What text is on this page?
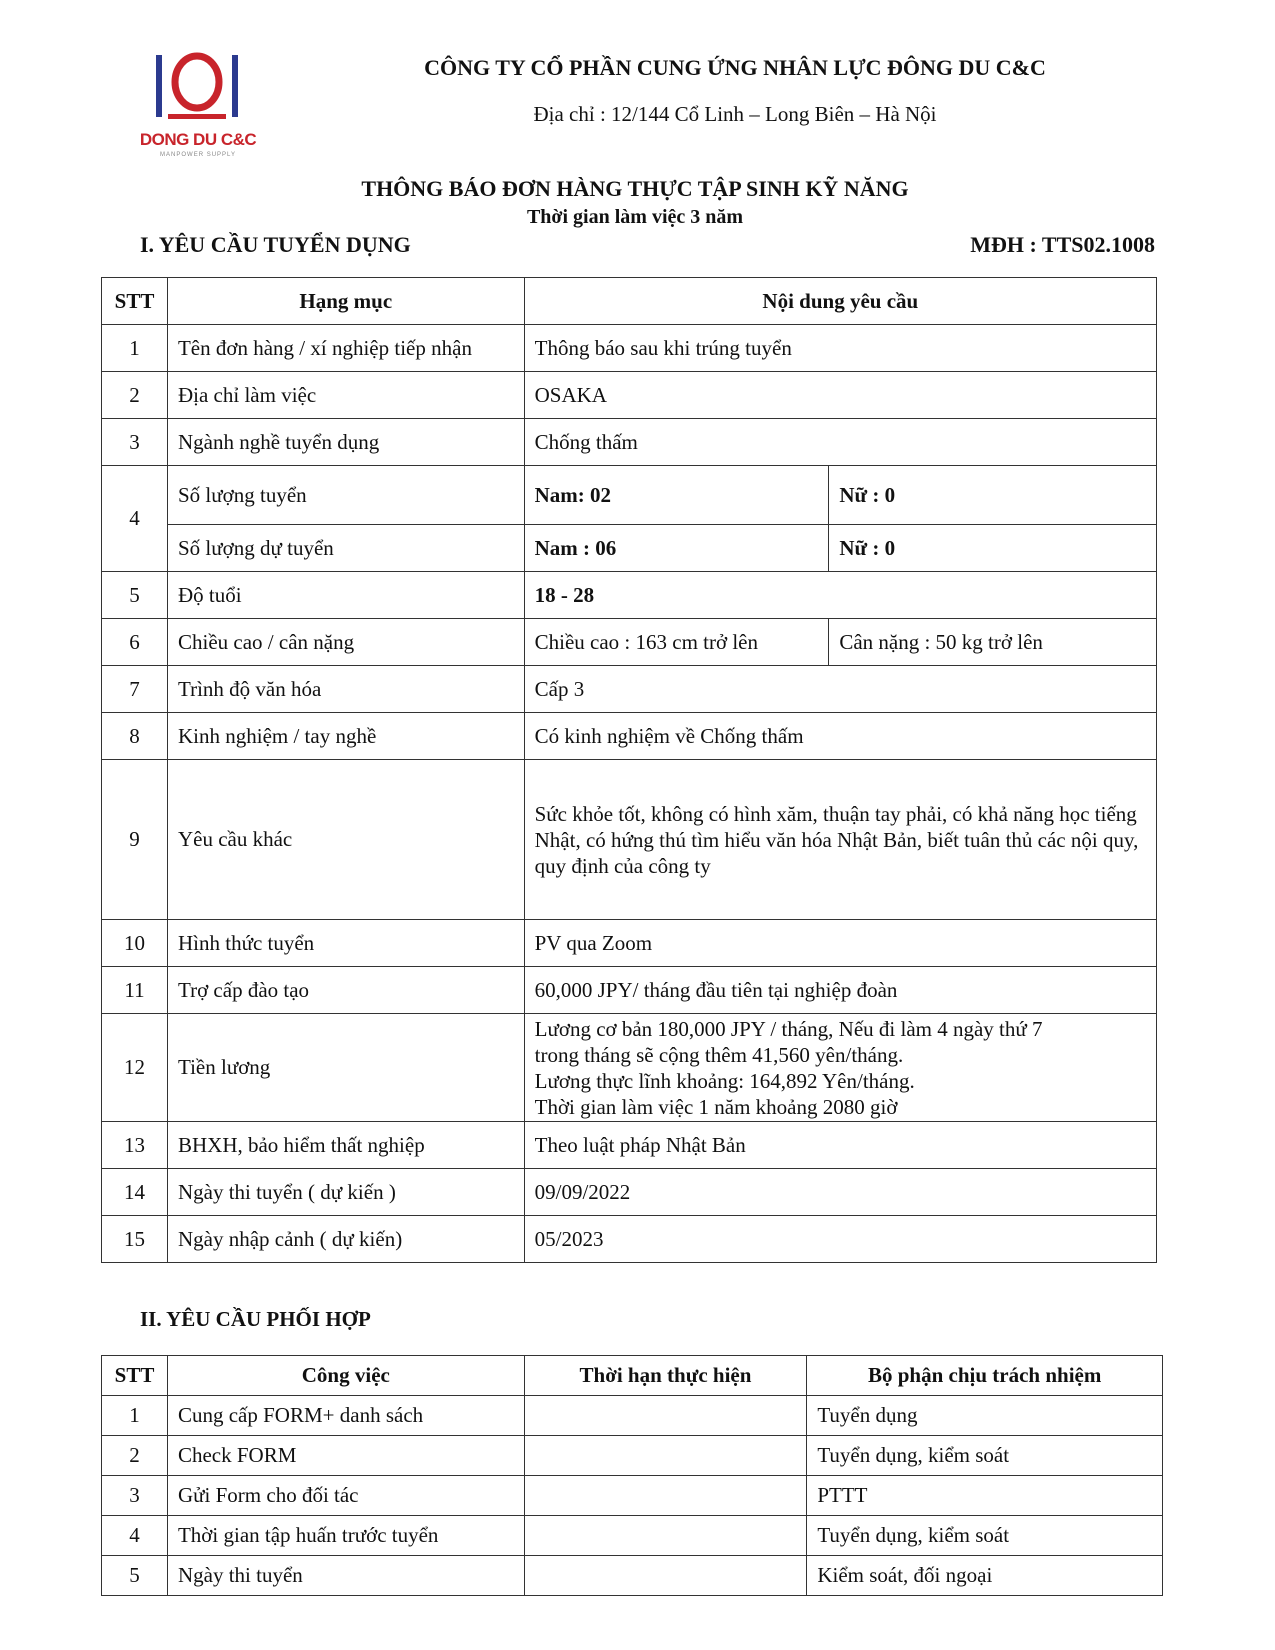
DONG DU C&C
MANPOWER SUPPLY
CÔNG TY CỔ PHẦN CUNG ỨNG NHÂN LỰC ĐÔNG DU C&C
Địa chỉ : 12/144 Cổ Linh – Long Biên – Hà Nội
THÔNG BÁO ĐƠN HÀNG THỰC TẬP SINH KỸ NĂNG
Thời gian làm việc 3 năm
I. YÊU CẦU TUYỂN DỤNG	MĐH : TTS02.1008
STT	Hạng mục	Nội dung yêu cầu	
1	Tên đơn hàng / xí nghiệp tiếp nhận	Thông báo sau khi trúng tuyển	
2	Địa chỉ làm việc	OSAKA	
3	Ngành nghề tuyển dụng	Chống thấm	
4	Số lượng tuyển	Nam: 02	Nữ : 0
	Số lượng dự tuyển	Nam : 06	Nữ : 0
5	Độ tuổi	18 - 28	
6	Chiều cao / cân nặng	Chiều cao : 163 cm trở lên	Cân nặng : 50 kg trở lên
7	Trình độ văn hóa	Cấp 3	
8	Kinh nghiệm / tay nghề	Có kinh nghiệm về Chống thấm	
9	Yêu cầu khác	Sức khỏe tốt, không có hình xăm, thuận tay phải, có khả năng học tiếng Nhật, có hứng thú tìm hiểu văn hóa Nhật Bản, biết tuân thủ các nội quy, quy định của công ty	
10	Hình thức tuyển	PV qua Zoom	
11	Trợ cấp đào tạo	60,000 JPY/ tháng đầu tiên tại nghiệp đoàn	
12	Tiền lương	Lương cơ bản 180,000 JPY / tháng, Nếu đi làm 4 ngày thứ 7
trong tháng sẽ cộng thêm 41,560 yên/tháng.
Lương thực lĩnh khoảng: 164,892 Yên/tháng.
Thời gian làm việc 1 năm khoảng 2080 giờ	

13	BHXH, bảo hiểm thất nghiệp	Theo luật pháp Nhật Bản	
14	Ngày thi tuyển ( dự kiến )	09/09/2022	
15	Ngày nhập cảnh ( dự kiến)	05/2023	
II. YÊU CẦU PHỐI HỢP
STT	Công việc	Thời hạn thực hiện	Bộ phận chịu trách nhiệm
1	Cung cấp FORM+ danh sách		Tuyển dụng
2	Check FORM		Tuyển dụng, kiểm soát
3	Gửi Form cho đối tác		PTTT
4	Thời gian tập huấn trước tuyển		Tuyển dụng, kiểm soát
5	Ngày thi tuyển		Kiểm soát, đối ngoại
